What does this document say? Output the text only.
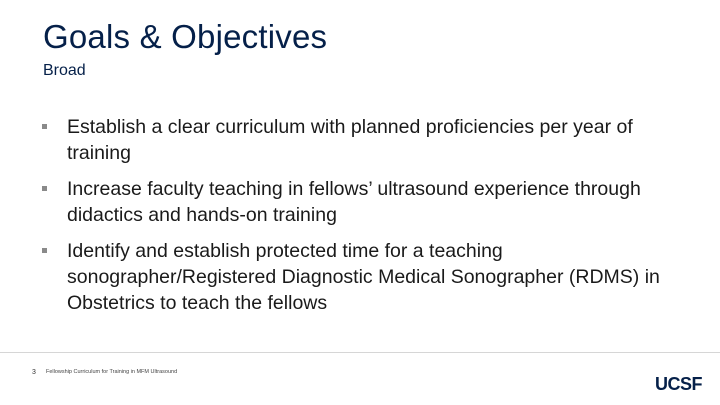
Goals & Objectives
Broad
Establish a clear curriculum with planned proficiencies per year of training
Increase faculty teaching in fellows’ ultrasound experience through didactics and hands‑on training
Identify and establish protected time for a teaching sonographer/Registered Diagnostic Medical Sonographer (RDMS) in Obstetrics to teach the fellows
3 Fellowship Curriculum for Training in MFM Ultrasound
UCSF
